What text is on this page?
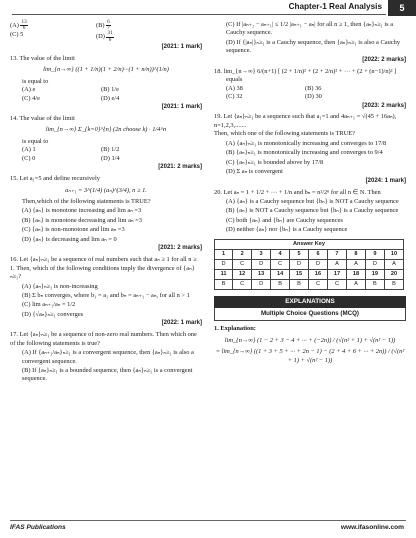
Chapter-1 Real Analysis	5
$(A) \frac{13}{6}$	$(B) \frac{6}{7}$
(C) 5	$(D) \frac{31}{6}$
[2021: 1 mark]
13. The value of the limit
lim_{n→∞} ((1 + 1/n)(1 + 2/n)···(1 + n/n))^(1/n)
is equal to
(A) e	(B) 1/e
(C) 4/e	(D) e/4
[2021: 1 mark]
14. The value of the limit
lim_{n→∞} Σ_{k=0}^{n} (2n choose k) · 1/4^n
is equal to
(A) 1	(B) 1/2
(C) 0	(D) 1/4
[2021: 2 marks]
15. Let a₁=5 and define recursively
aₙ₊₁ = 3^(1/4) (aₙ)^(3/4), n ≥ 1.
Then,which of the following statements is TRUE?
(A) {aₙ} is monotone increasing and lim aₙ =3
(B) {aₙ} is monotone decreasing and lim aₙ =3
(C) {aₙ} is non-monotone and lim aₙ =3
(D) {aₙ} is decreasing and lim aₙ = 0
[2021: 2 marks]
16. Let {aₙ}ₙ≥₁ be a sequence of real numbers such that aₙ ≥ 1 for all n ≥ 1. Then, which of the following conditions imply the divergence of {aₙ}ₙ≥₁?
(A) {aₙ}ₙ≥₁ is non-increasing
(B) Σ bₙ converges, where b₁ = a₁ and bₙ = aₙ₊₁ − aₙ, for all n > 1
(C) lim aₙ₊₁/aₙ = 1/2
(D) {√aₙ}ₙ≥₁ converges
[2022: 1 mark]
17. Let {aₙ}ₙ≥₁ be a sequence of non-zero real numbers. Then which one of the following statements is true?
(A) If {aₙ₊₁/aₙ}ₙ≥₁ is a convergent sequence, then {aₙ}ₙ≥₁ is also a convergent sequence.
(B) If {aₙ}ₙ≥₁ is a bounded sequence, then {aₙ}ₙ≥₁ is a convergent sequence.
(C) If |aₙ₊₂ − aₙ₊₁| ≤ 1/2 |aₙ₊₁ − aₙ| for all n ≥ 1, then {aₙ}ₙ≥₁ is a Cauchy sequence.
(D) If {|aₙ|}ₙ≥₁ is a Cauchy sequence, then {aₙ}ₙ≥₁ is also a Cauchy sequence.
[2022: 2 marks]
18. lim_{n→∞} 6/(n+1) [ (2 + 1/n)² + (2 + 2/n)² + ··· + (2 + (n−1)/n)² ]
equals
(A) 38	(B) 36
(C) 32	(D) 30
[2023: 2 marks]
19. Let {aₙ}ₙ≥₁ be a sequence such that a₁=1 and 4aₙ₊₁ = √(45 + 16aₙ), n=1,2,3,.......
Then, which one of the following statements is TRUE?
(A) {aₙ}ₙ≥₁ is monotonically increasing and converges to 17/8
(B) {aₙ}ₙ≥₁ is monotonically increasing and converges to 9/4
(C) {aₙ}ₙ≥₁ is bounded above by 17/8
(D) Σ aₙ is convergent
[2024: 1 mark]
20. Let aₙ = 1 + 1/2 + ··· + 1/n and bₙ = n²/2ⁿ for all n ∈ N. Then
(A) {aₙ} is a Cauchy sequence but {bₙ} is NOT a Cauchy sequence
(B) {aₙ} is NOT a Cauchy sequence but {bₙ} is a Cauchy sequence
(C) both {aₙ} and {bₙ} are Cauchy sequences
(D) neither {aₙ} nor {bₙ} is a Cauchy sequence
Answer Key									
1	2	3	4	5	6	7	8	9	10
D	C	D	C	D	D	A	A	D	A
11	12	13	14	15	16	17	18	19	20
B	C	D	B	B	C	C	A	B	B
EXPLANATIONS
Multiple Choice Questions (MCQ)
1. Explanation:
lim_{n→∞} (1 − 2 + 3 − 4 + ··· + (−2n)) / (√(n² + 1) + √(n² − 1))
= lim_{n→∞} ((1 + 3 + 5 + ··· + 2n − 1) − (2 + 4 + 6 + ··· + 2n)) / (√(n² + 1) + √(n² − 1))
IFAS Publications	www.ifasonline.com
